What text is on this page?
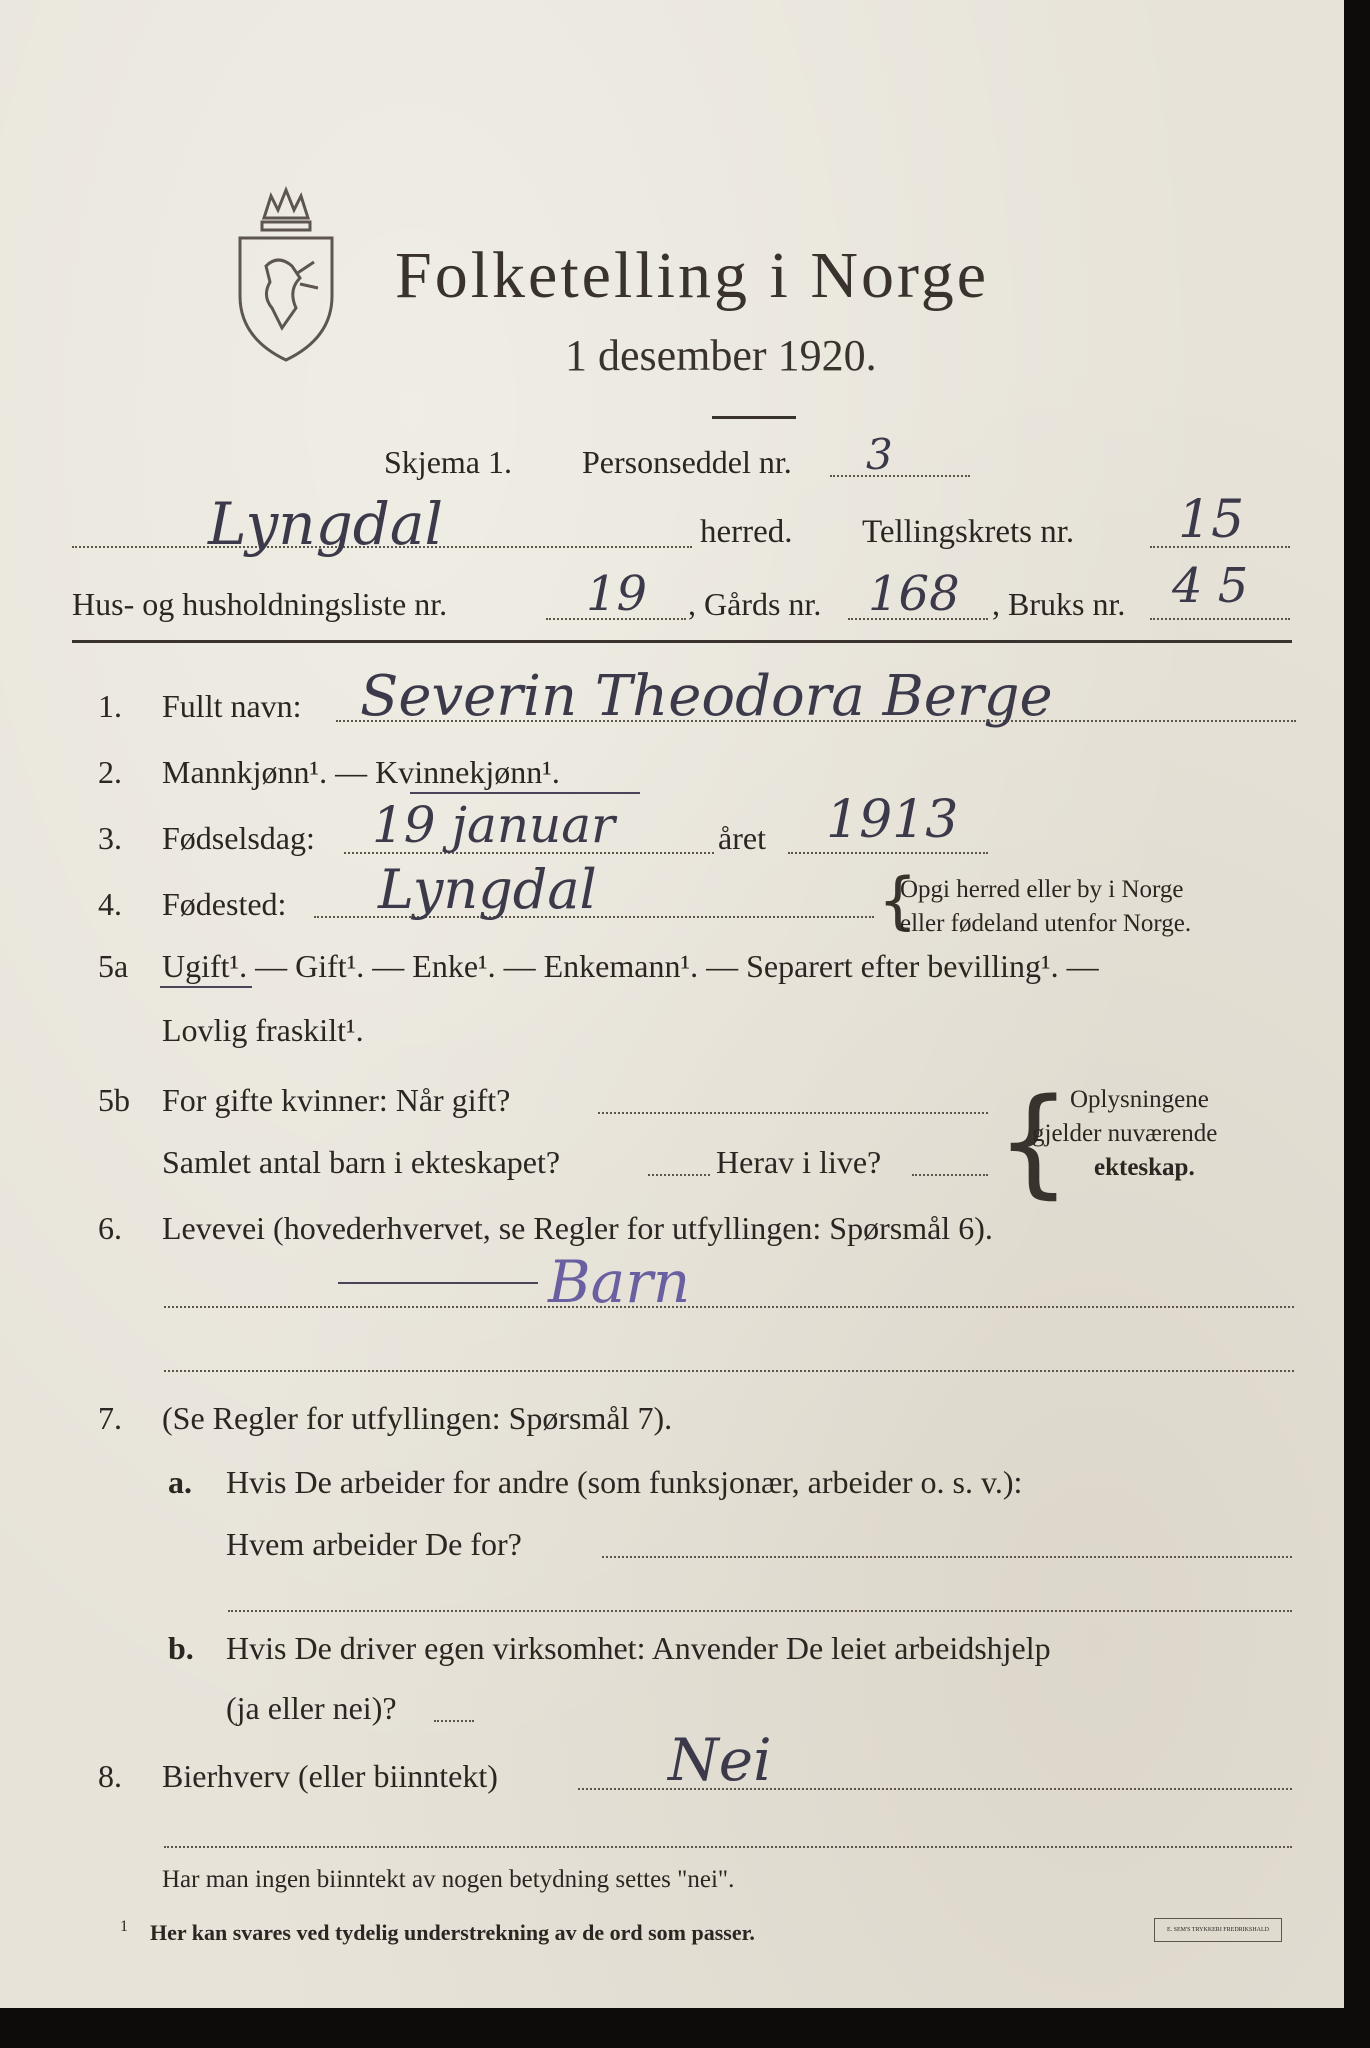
Folketelling i Norge
1 desember 1920.
Skjema 1. Personseddel nr. 3
Lyngdal	herred. Tellingskrets nr. 15
Hus- og husholdningsliste nr.	19 , Gårds nr. 168 , Bruks nr. 4 5
1. Fullt navn: Severin Theodora Berge
2. Mannkjønn¹. — Kvinnekjønn¹.
3. Fødselsdag: 19 januar	året 1913
4. Fødested: Lyngdal	{
Opgi herred eller by i Norge
eller fødeland utenfor Norge.
5a Ugift¹. — Gift¹. — Enke¹. — Enkemann¹. — Separert efter bevilling¹. —
Lovlig fraskilt¹.
5b For gifte kvinner: Når gift?
Samlet antal barn i ekteskapet?	Herav i live? {
Oplysningene
gjelder nuværende
ekteskap.
6. Levevei (hovederhvervet, se Regler for utfyllingen: Spørsmål 6).
Barn
7. (Se Regler for utfyllingen: Spørsmål 7).
a. Hvis De arbeider for andre (som funksjonær, arbeider o. s. v.):
Hvem arbeider De for?
b. Hvis De driver egen virksomhet: Anvender De leiet arbeidshjelp
(ja eller nei)?
8. Bierhverv (eller biinntekt)	Nei
Har man ingen biinntekt av nogen betydning settes "nei".
1 Her kan svares ved tydelig understrekning av de ord som passer.	E. SEM'S TRYKKERI FREDRIKSHALD
